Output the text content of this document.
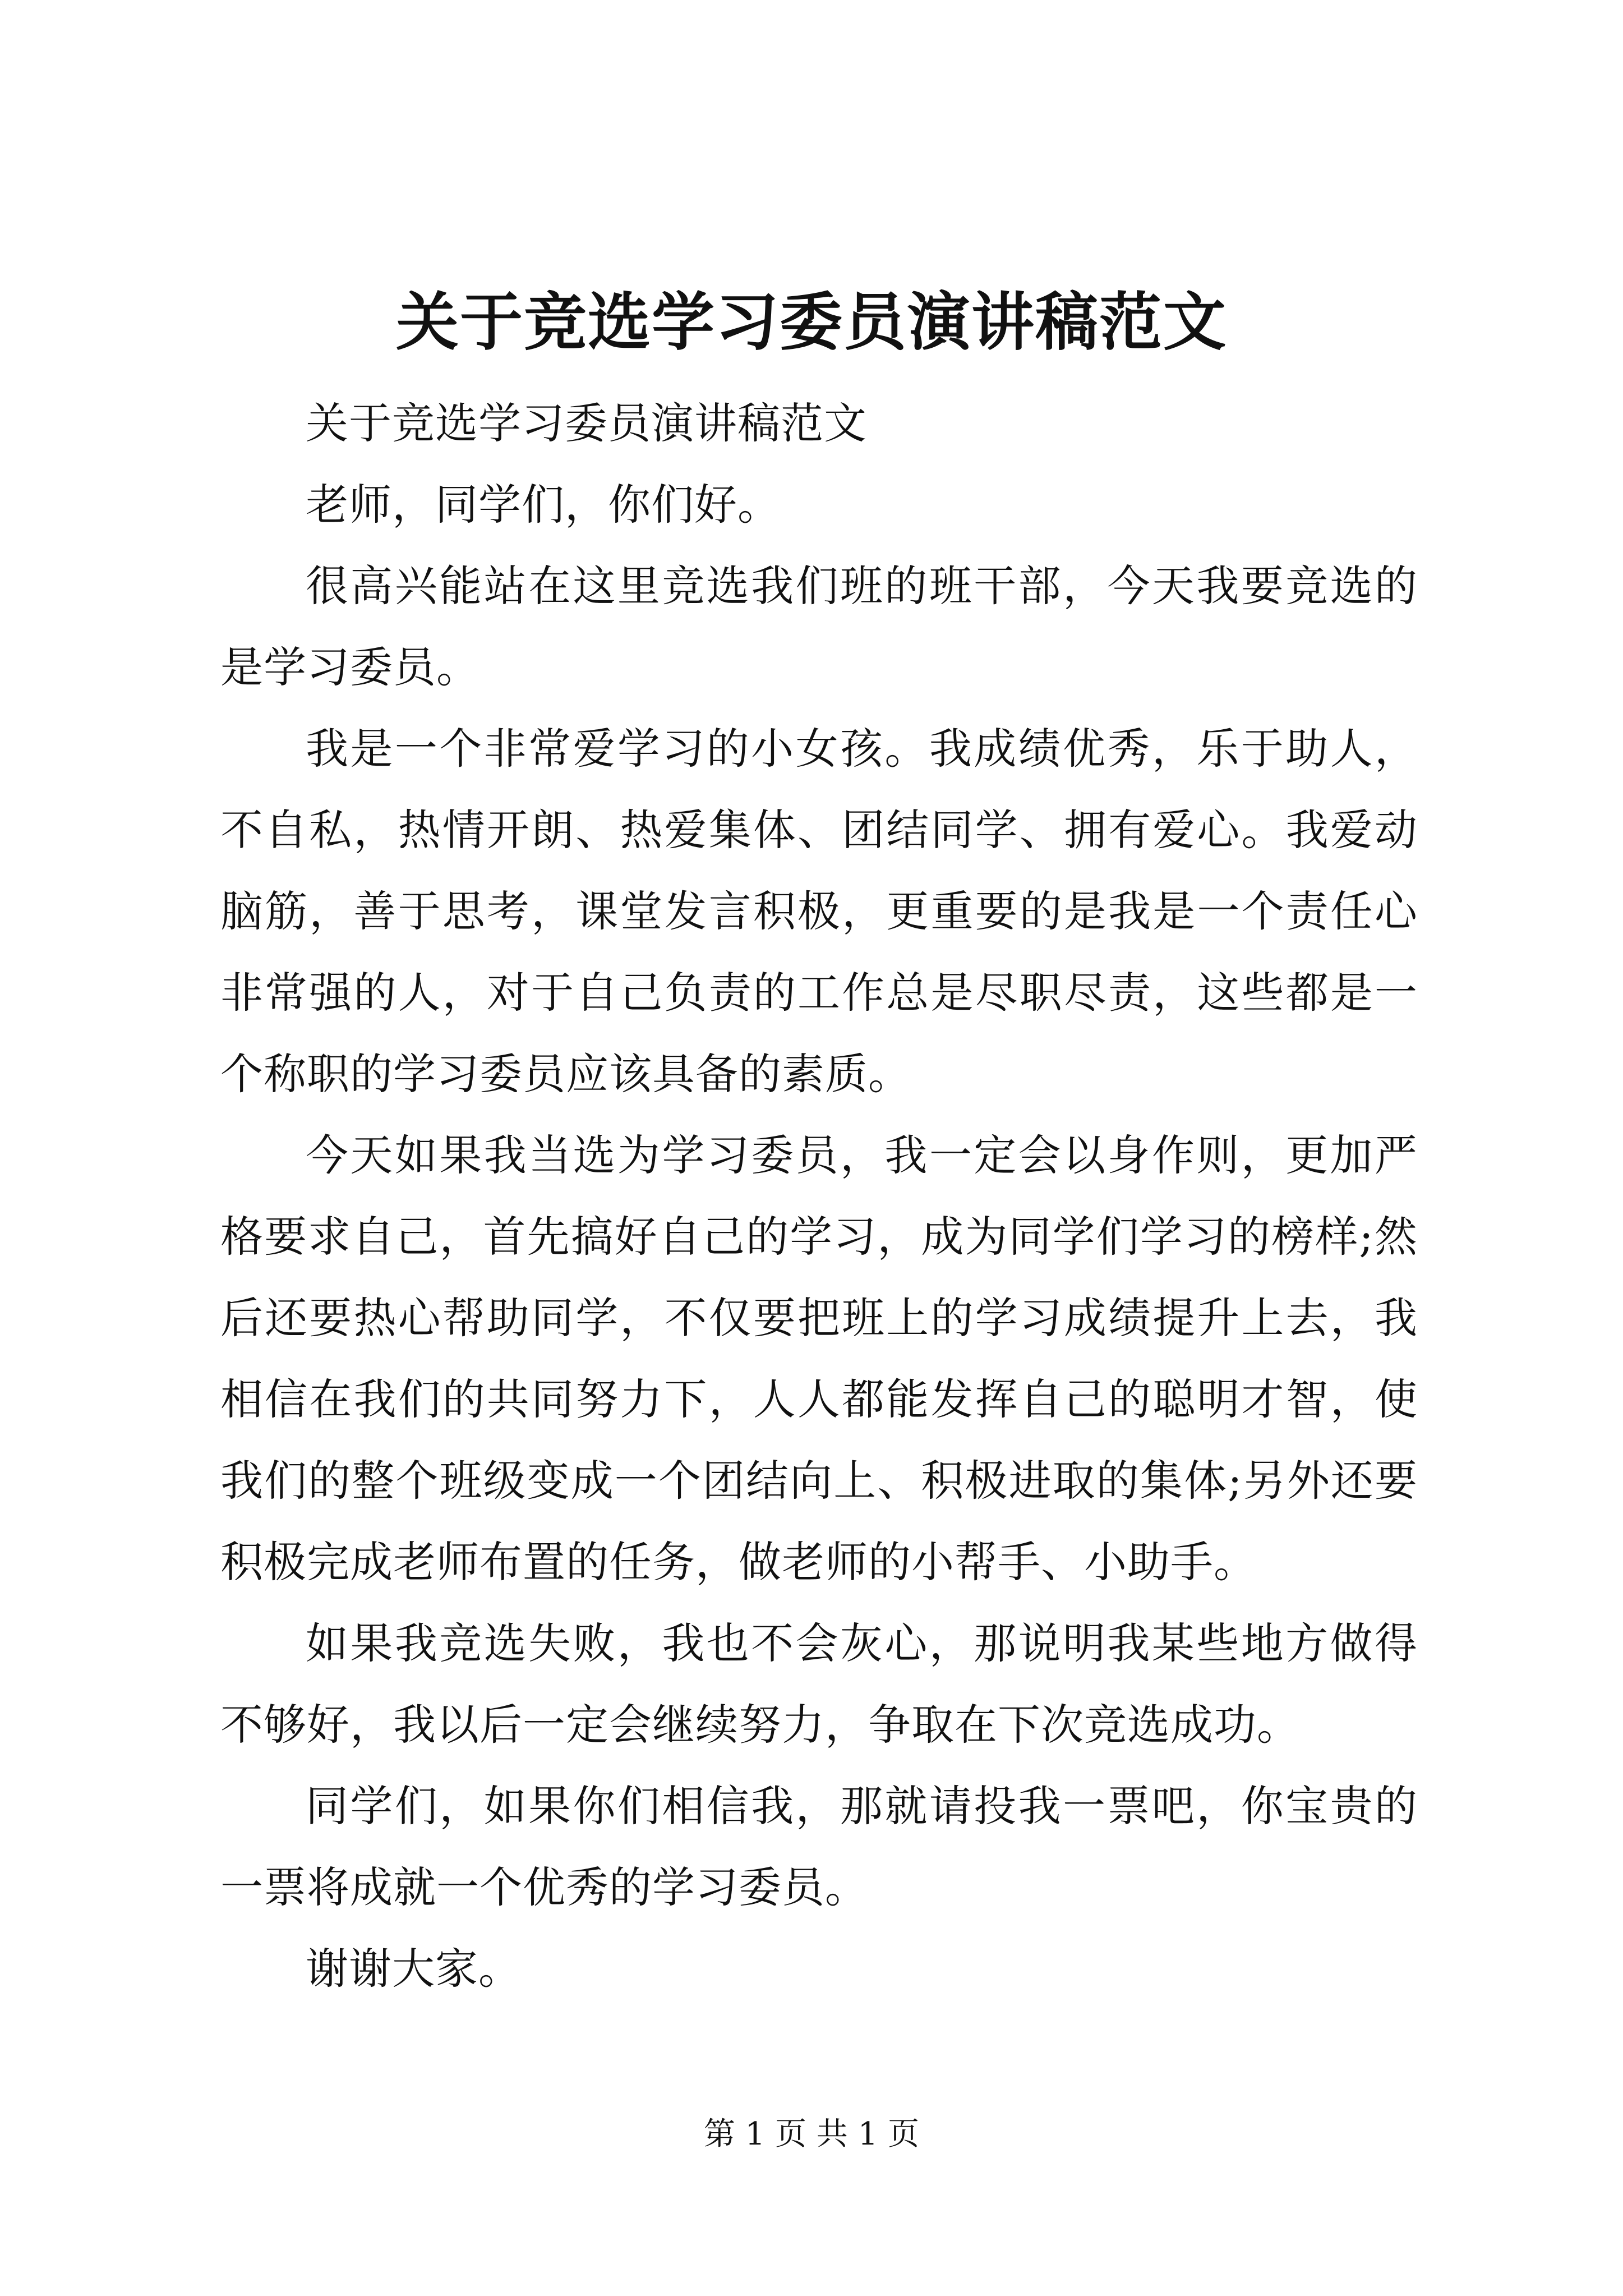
关于竞选学习委员演讲稿范文

关于竞选学习委员演讲稿范文

老师，同学们，你们好。

很高兴能站在这里竞选我们班的班干部，今天我要竞选的是学习委员。

我是一个非常爱学习的小女孩。我成绩优秀，乐于助人，不自私，热情开朗、热爱集体、团结同学、拥有爱心。我爱动脑筋，善于思考，课堂发言积极，更重要的是我是一个责任心非常强的人，对于自己负责的工作总是尽职尽责，这些都是一个称职的学习委员应该具备的素质。

今天如果我当选为学习委员，我一定会以身作则，更加严格要求自己，首先搞好自己的学习，成为同学们学习的榜样;然后还要热心帮助同学，不仅要把班上的学习成绩提升上去，我相信在我们的共同努力下，人人都能发挥自己的聪明才智，使我们的整个班级变成一个团结向上、积极进取的集体;另外还要积极完成老师布置的任务，做老师的小帮手、小助手。

如果我竞选失败，我也不会灰心，那说明我某些地方做得不够好，我以后一定会继续努力，争取在下次竞选成功。

同学们，如果你们相信我，那就请投我一票吧，你宝贵的一票将成就一个优秀的学习委员。

谢谢大家。

第 1 页 共 1 页
